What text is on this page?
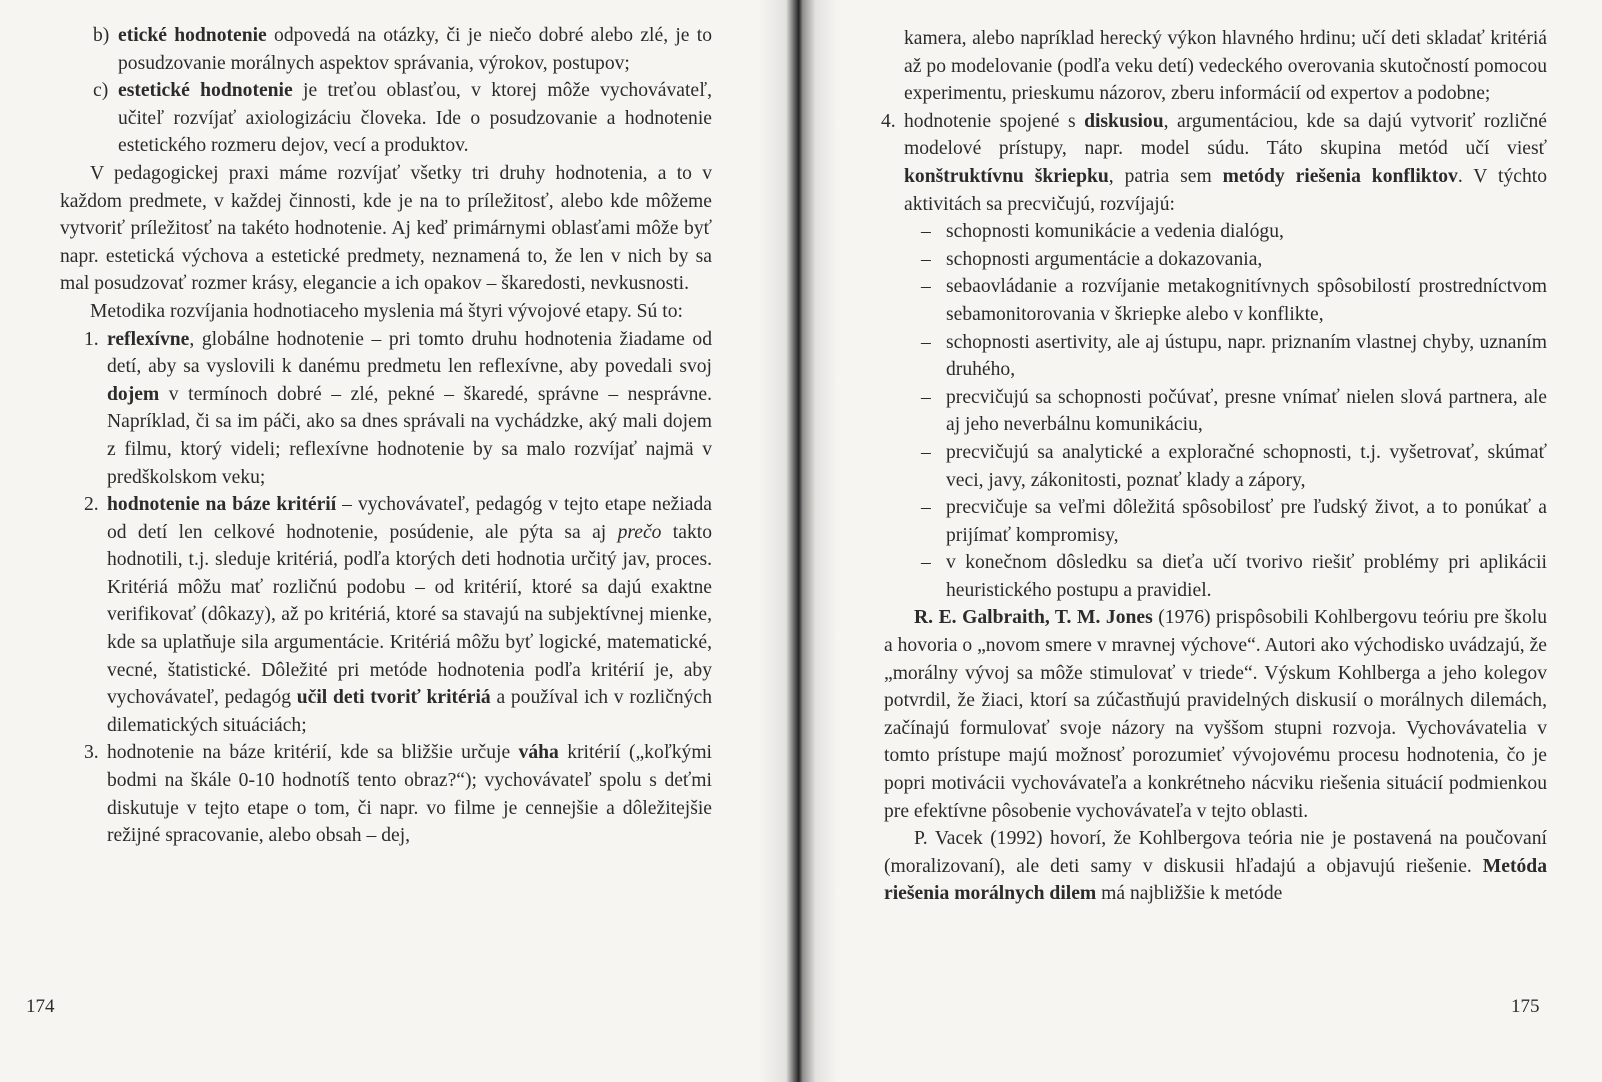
b) etické hodnotenie odpovedá na otázky, či je niečo dobré alebo zlé, je to posudzovanie morálnych aspektov správania, výrokov, postupov;

c) estetické hodnotenie je treťou oblasťou, v ktorej môže vychovávateľ, učiteľ rozvíjať axiologizáciu človeka. Ide o posudzovanie a hodnotenie estetického rozmeru dejov, vecí a produktov.

V pedagogickej praxi máme rozvíjať všetky tri druhy hodnotenia, a to v každom predmete, v každej činnosti, kde je na to príležitosť, alebo kde môžeme vytvoriť príležitosť na takéto hodnotenie. Aj keď primárnymi oblasťami môže byť napr. estetická výchova a estetické predmety, neznamená to, že len v nich by sa mal posudzovať rozmer krásy, elegancie a ich opakov – škaredosti, nevkusnosti.

Metodika rozvíjania hodnotiaceho myslenia má štyri vývojové etapy. Sú to:

1. reflexívne, globálne hodnotenie – pri tomto druhu hodnotenia žiadame od detí, aby sa vyslovili k danému predmetu len reflexívne, aby povedali svoj dojem v termínoch dobré – zlé, pekné – škaredé, správne – nesprávne. Napríklad, či sa im páči, ako sa dnes správali na vychádzke, aký mali dojem z filmu, ktorý videli; reflexívne hodnotenie by sa malo rozvíjať najmä v predškolskom veku;

2. hodnotenie na báze kritérií – vychovávateľ, pedagóg v tejto etape nežiada od detí len celkové hodnotenie, posúdenie, ale pýta sa aj prečo takto hodnotili, t.j. sleduje kritériá, podľa ktorých deti hodnotia určitý jav, proces. Kritériá môžu mať rozličnú podobu – od kritérií, ktoré sa dajú exaktne verifikovať (dôkazy), až po kritériá, ktoré sa stavajú na subjektívnej mienke, kde sa uplatňuje sila argumentácie. Kritériá môžu byť logické, matematické, vecné, štatistické. Dôležité pri metóde hodnotenia podľa kritérií je, aby vychovávateľ, pedagóg učil deti tvoriť kritériá a používal ich v rozličných dilematických situáciách;

3. hodnotenie na báze kritérií, kde sa bližšie určuje váha kritérií („koľkými bodmi na škále 0-10 hodnotíš tento obraz?“); vychovávateľ spolu s deťmi diskutuje v tejto etape o tom, či napr. vo filme je cennejšie a dôležitejšie režijné spracovanie, alebo obsah – dej,

174

kamera, alebo napríklad herecký výkon hlavného hrdinu; učí deti skladať kritériá až po modelovanie (podľa veku detí) vedeckého overovania skutočností pomocou experimentu, prieskumu názorov, zberu informácií od expertov a podobne;

4. hodnotenie spojené s diskusiou, argumentáciou, kde sa dajú vytvoriť rozličné modelové prístupy, napr. model súdu. Táto skupina metód učí viesť konštruktívnu škriepku, patria sem metódy riešenia konfliktov. V týchto aktivitách sa precvičujú, rozvíjajú:

– schopnosti komunikácie a vedenia dialógu,

– schopnosti argumentácie a dokazovania,

– sebaovládanie a rozvíjanie metakognitívnych spôsobilostí prostredníctvom sebamonitorovania v škriepke alebo v konflikte,

– schopnosti asertivity, ale aj ústupu, napr. priznaním vlastnej chyby, uznaním druhého,

– precvičujú sa schopnosti počúvať, presne vnímať nielen slová partnera, ale aj jeho neverbálnu komunikáciu,

– precvičujú sa analytické a exploračné schopnosti, t.j. vyšetrovať, skúmať veci, javy, zákonitosti, poznať klady a zápory,

– precvičuje sa veľmi dôležitá spôsobilosť pre ľudský život, a to ponúkať a prijímať kompromisy,

– v konečnom dôsledku sa dieťa učí tvorivo riešiť problémy pri aplikácii heuristického postupu a pravidiel.

R. E. Galbraith, T. M. Jones (1976) prispôsobili Kohlbergovu teóriu pre školu a hovoria o „novom smere v mravnej výchove“. Autori ako východisko uvádzajú, že „morálny vývoj sa môže stimulovať v triede“. Výskum Kohlberga a jeho kolegov potvrdil, že žiaci, ktorí sa zúčastňujú pravidelných diskusií o morálnych dilemách, začínajú formulovať svoje názory na vyššom stupni rozvoja. Vychovávatelia v tomto prístupe majú možnosť porozumieť vývojovému procesu hodnotenia, čo je popri motivácii vychovávateľa a konkrétneho nácviku riešenia situácií podmienkou pre efektívne pôsobenie vychovávateľa v tejto oblasti.

P. Vacek (1992) hovorí, že Kohlbergova teória nie je postavená na poučovaní (moralizovaní), ale deti samy v diskusii hľadajú a objavujú riešenie. Metóda riešenia morálnych dilem má najbližšie k metóde

175
